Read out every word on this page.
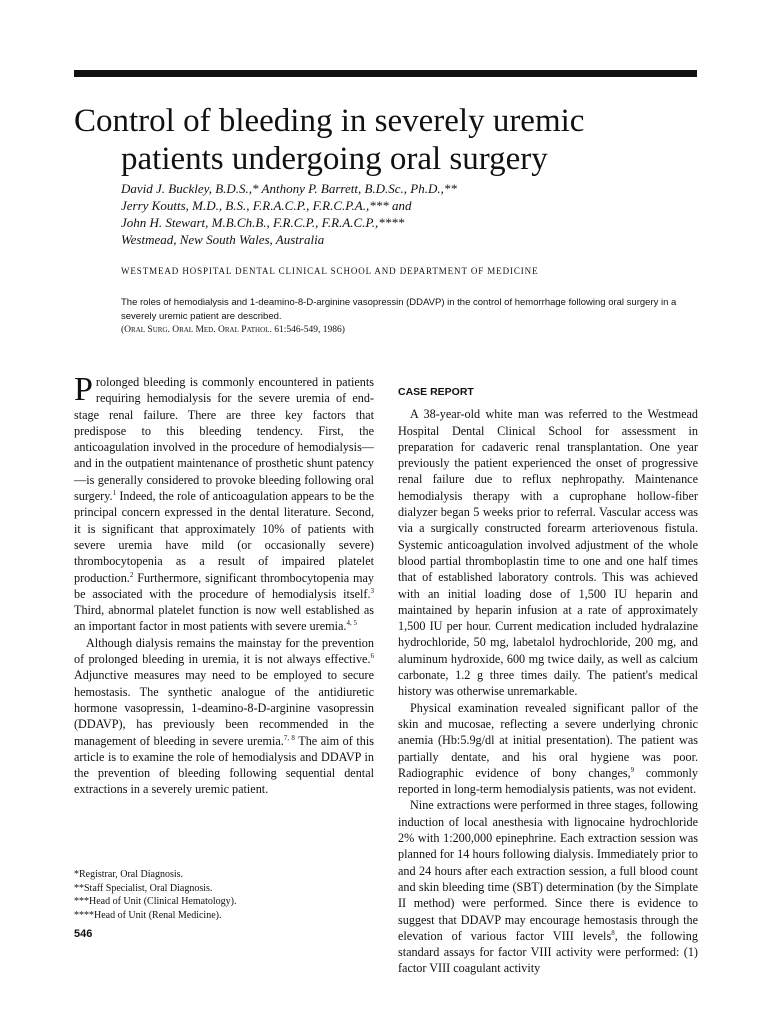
Control of bleeding in severely uremic
patients undergoing oral surgery
David J. Buckley, B.D.S.,* Anthony P. Barrett, B.D.Sc., Ph.D.,**
Jerry Koutts, M.D., B.S., F.R.A.C.P., F.R.C.P.A.,*** and
John H. Stewart, M.B.Ch.B., F.R.C.P., F.R.A.C.P.,****
Westmead, New South Wales, Australia
WESTMEAD HOSPITAL DENTAL CLINICAL SCHOOL AND DEPARTMENT OF MEDICINE
The roles of hemodialysis and 1-deamino-8-D-arginine vasopressin (DDAVP) in the control of hemorrhage following oral surgery in a severely uremic patient are described.
(Oral Surg. Oral Med. Oral Pathol. 61:546-549, 1986)

Prolonged bleeding is commonly encountered in patients requiring hemodialysis for the severe uremia of end-stage renal failure. There are three key factors that predispose to this bleeding tendency. First, the anticoagulation involved in the procedure of hemodialysis—and in the outpatient maintenance of prosthetic shunt patency—is generally considered to provoke bleeding following oral surgery.$^1$ Indeed, the role of anticoagulation appears to be the principal concern expressed in the dental literature. Second, it is significant that approximately 10% of patients with severe uremia have mild (or occasionally severe) thrombocytopenia as a result of impaired platelet production.$^2$ Furthermore, significant thrombocytopenia may be associated with the procedure of hemodialysis itself.$^3$ Third, abnormal platelet function is now well established as an important factor in most patients with severe uremia.$^{4, 5}$

Although dialysis remains the mainstay for the prevention of prolonged bleeding in uremia, it is not always effective.$^6$ Adjunctive measures may need to be employed to secure hemostasis. The synthetic analogue of the antidiuretic hormone vasopressin, 1-deamino-8-D-arginine vasopressin (DDAVP), has previously been recommended in the management of bleeding in severe uremia.$^{7, 8}$ The aim of this article is to examine the role of hemodialysis and DDAVP in the prevention of bleeding following sequential dental extractions in a severely uremic patient.

*Registrar, Oral Diagnosis.
**Staff Specialist, Oral Diagnosis.
***Head of Unit (Clinical Hematology).
****Head of Unit (Renal Medicine).
546
CASE REPORT

A 38-year-old white man was referred to the Westmead Hospital Dental Clinical School for assessment in preparation for cadaveric renal transplantation. One year previously the patient experienced the onset of progressive renal failure due to reflux nephropathy. Maintenance hemodialysis therapy with a cuprophane hollow-fiber dialyzer began 5 weeks prior to referral. Vascular access was via a surgically constructed forearm arteriovenous fistula. Systemic anticoagulation involved adjustment of the whole blood partial thromboplastin time to one and one half times that of established laboratory controls. This was achieved with an initial loading dose of 1,500 IU heparin and maintained by heparin infusion at a rate of approximately 1,500 IU per hour. Current medication included hydralazine hydrochloride, 50 mg, labetalol hydrochloride, 200 mg, and aluminum hydroxide, 600 mg twice daily, as well as calcium carbonate, 1.2 g three times daily. The patient's medical history was otherwise unremarkable.

Physical examination revealed significant pallor of the skin and mucosae, reflecting a severe underlying chronic anemia (Hb:5.9g/dl at initial presentation). The patient was partially dentate, and his oral hygiene was poor. Radiographic evidence of bony changes,$^9$ commonly reported in long-term hemodialysis patients, was not evident.

Nine extractions were performed in three stages, following induction of local anesthesia with lignocaine hydrochloride 2% with 1:200,000 epinephrine. Each extraction session was planned for 14 hours following dialysis. Immediately prior to and 24 hours after each extraction session, a full blood count and skin bleeding time (SBT) determination (by the Simplate II method) were performed. Since there is evidence to suggest that DDAVP may encourage hemostasis through the elevation of various factor VIII levels$^8$, the following standard assays for factor VIII activity were performed: (1) factor VIII coagulant activity
